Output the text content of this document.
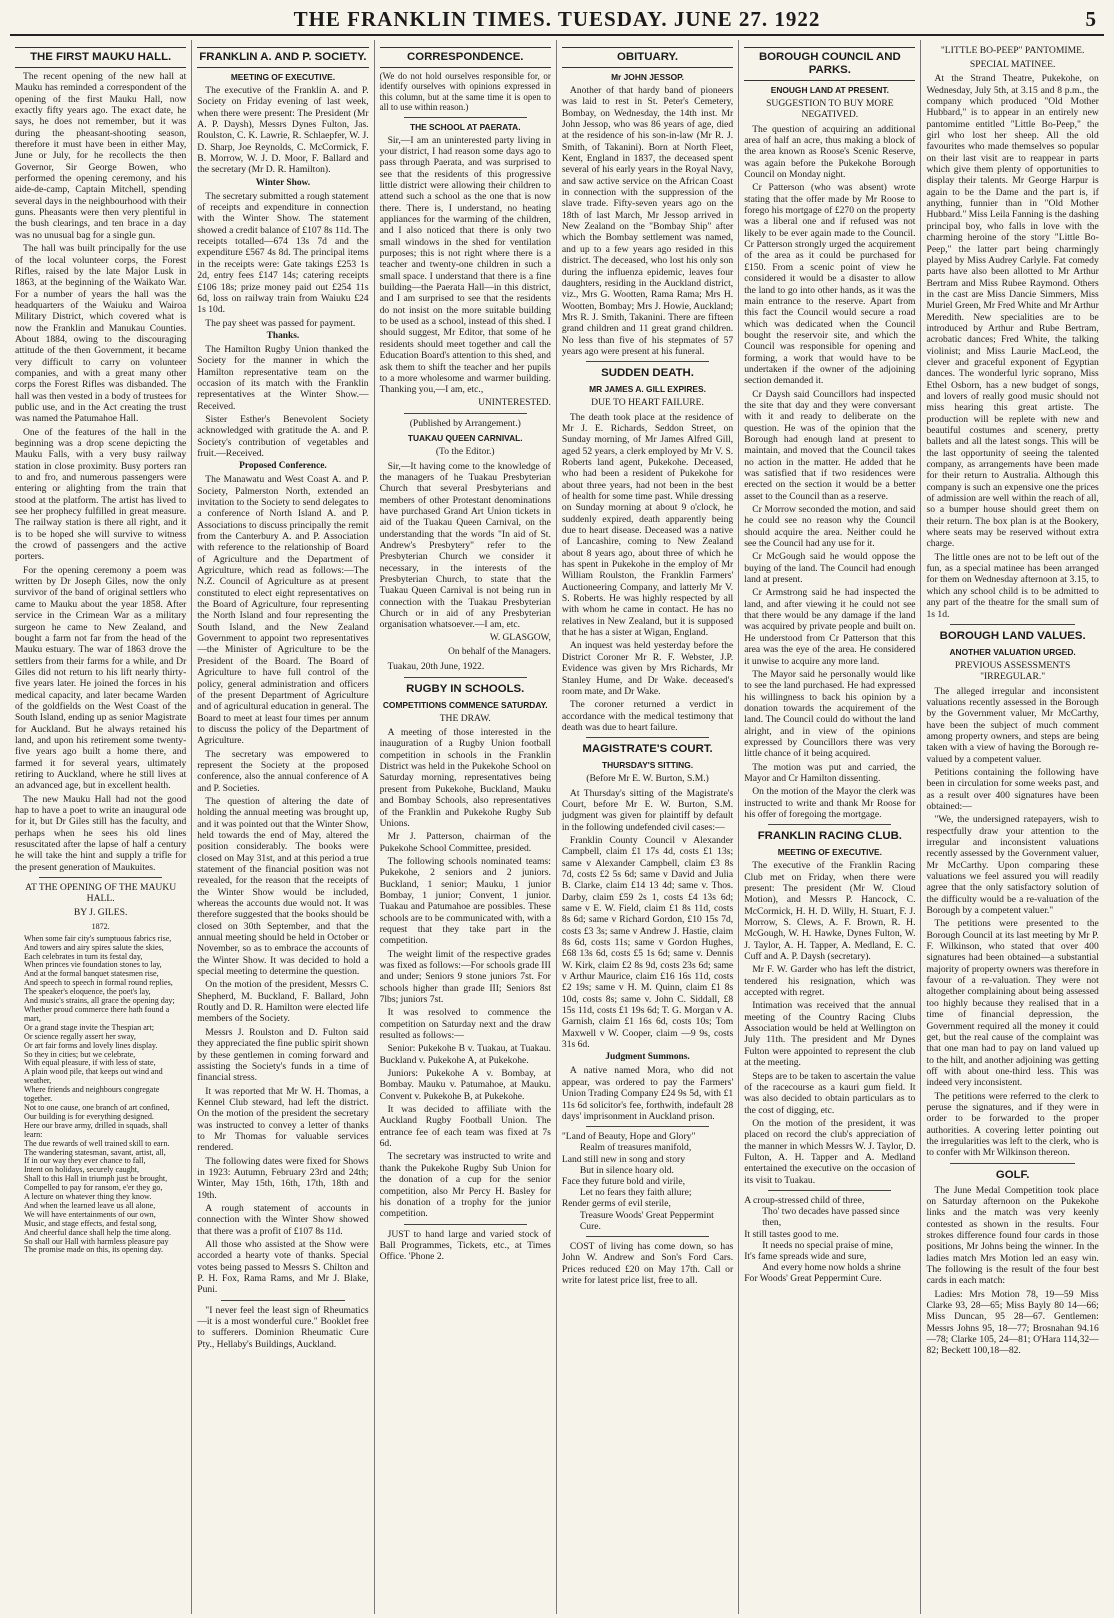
THE FRANKLIN TIMES. TUESDAY. JUNE 27. 1922	5
THE FIRST MAUKU HALL.

The recent opening of the new hall at Mauku has reminded a correspondent of the opening of the first Mauku Hall, now exactly fifty years ago. The exact date, he says, he does not remember, but it was during the pheasant-shooting season, therefore it must have been in either May, June or July, for he recollects the then Governor, Sir George Bowen, who performed the opening ceremony, and his aide-de-camp, Captain Mitchell, spending several days in the neighbourhood with their guns. Pheasants were then very plentiful in the bush clearings, and ten brace in a day was no unusual bag for a single gun.

The hall was built principally for the use of the local volunteer corps, the Forest Rifles, raised by the late Major Lusk in 1863, at the beginning of the Waikato War. For a number of years the hall was the headquarters of the Waiuku and Wairoa Military District, which covered what is now the Franklin and Manukau Counties. About 1884, owing to the discouraging attitude of the then Government, it became very difficult to carry on volunteer companies, and with a great many other corps the Forest Rifles was disbanded. The hall was then vested in a body of trustees for public use, and in the Act creating the trust was named the Patumahoe Hall.

One of the features of the hall in the beginning was a drop scene depicting the Mauku Falls, with a very busy railway station in close proximity. Busy porters ran to and fro, and numerous passengers were entering or alighting from the train that stood at the platform. The artist has lived to see her prophecy fulfilled in great measure. The railway station is there all right, and it is to be hoped she will survive to witness the crowd of passengers and the active porters.

For the opening ceremony a poem was written by Dr Joseph Giles, now the only survivor of the band of original settlers who came to Mauku about the year 1858. After service in the Crimean War as a military surgeon he came to New Zealand, and bought a farm not far from the head of the Mauku estuary. The war of 1863 drove the settlers from their farms for a while, and Dr Giles did not return to his lift nearly thirty-five years later. He joined the forces in his medical capacity, and later became Warden of the goldfields on the West Coast of the South Island, ending up as senior Magistrate for Auckland. But he always retained his land, and upon his retirement some twenty-five years ago built a home there, and farmed it for several years, ultimately retiring to Auckland, where he still lives at an advanced age, but in excellent health.

The new Mauku Hall had not the good hap to have a poet to write an inaugural ode for it, but Dr Giles still has the faculty, and perhaps when he sees his old lines resuscitated after the lapse of half a century he will take the hint and supply a trifle for the present generation of Maukuites.

AT THE OPENING OF THE MAUKU HALL.
BY J. GILES.
1872.
When some fair city's sumptuous fabrics rise,
And towers and airy spires salute the skies,
Each celebrates in turn its festal day,
When princes vie foundation stones to lay,
And at the formal banquet statesmen rise,
And speech to speech in formal round replies,
The speaker's eloquence, the poet's lay,
And music's strains, all grace the opening day;
Whether proud commerce there hath found a mart,
Or a grand stage invite the Thespian art;
Or science regally assert her sway,
Or art fair forms and lovely lines display.
So they in cities; but we celebrate,
With equal pleasure, if with less of state,
A plain wood pile, that keeps out wind and weather,
Where friends and neighbours congregate together.
Not to one cause, one branch of art confined,
Our building is for everything designed.
Here our brave army, drilled in squads, shall learn:
The due rewards of well trained skill to earn.
The wandering statesman, savant, artist, all,
If in our way they ever chance to fall,
Intent on holidays, securely caught,
Shall to this Hall in triumph just be brought,
Compelled to pay for ransom, e'er they go,
A lecture on whatever thing they know.
And when the learned leave us all alone,
We will have entertainments of our own,
Music, and stage effects, and festal song,
And cheerful dance shall help the time along.
So shall our Hall with harmless pleasure pay
The promise made on this, its opening day.
FRANKLIN A. AND P. SOCIETY.
MEETING OF EXECUTIVE.

The executive of the Franklin A. and P. Society on Friday evening of last week, when there were present: The President (Mr A. P. Daysh), Messrs Dynes Fulton, Jas. Roulston, C. K. Lawrie, R. Schlaepfer, W. J. D. Sharp, Joe Reynolds, C. McCormick, F. B. Morrow, W. J. D. Moor, F. Ballard and the secretary (Mr D. R. Hamilton).

Winter Show.

The secretary submitted a rough statement of receipts and expenditure in connection with the Winter Show. The statement showed a credit balance of £107 8s 11d. The receipts totalled—674 13s 7d and the expenditure £567 4s 8d. The principal items in the receipts were: Gate takings £253 1s 2d, entry fees £147 14s; catering receipts £106 18s; prize money paid out £254 11s 6d, loss on railway train from Waiuku £24 1s 10d.

The pay sheet was passed for payment.

Thanks.

The Hamilton Rugby Union thanked the Society for the manner in which the Hamilton representative team on the occasion of its match with the Franklin representatives at the Winter Show.—Received.

Sister Esther's Benevolent Society acknowledged with gratitude the A. and P. Society's contribution of vegetables and fruit.—Received.

Proposed Conference.

The Manawatu and West Coast A. and P. Society, Palmerston North, extended an invitation to the Society to send delegates to a conference of North Island A. and P. Associations to discuss principally the remit from the Canterbury A. and P. Association with reference to the relationship of Board of Agriculture and the Department of Agriculture, which read as follows:—The N.Z. Council of Agriculture as at present constituted to elect eight representatives on the Board of Agriculture, four representing the North Island and four representing the South Island, and the New Zealand Government to appoint two representatives—the Minister of Agriculture to be the President of the Board. The Board of Agriculture to have full control of the policy, general administration and officers of the present Department of Agriculture and of agricultural education in general. The Board to meet at least four times per annum to discuss the policy of the Department of Agriculture.

The secretary was empowered to represent the Society at the proposed conference, also the annual conference of A and P. Societies.

The question of altering the date of holding the annual meeting was brought up, and it was pointed out that the Winter Show, held towards the end of May, altered the position considerably. The books were closed on May 31st, and at this period a true statement of the financial position was not revealed, for the reason that the receipts of the Winter Show would be included, whereas the accounts due would not. It was therefore suggested that the books should be closed on 30th September, and that the annual meeting should be held in October or November, so as to embrace the accounts of the Winter Show. It was decided to hold a special meeting to determine the question.

On the motion of the president, Messrs C. Shepherd, M. Buckland, F. Ballard, John Routly and D. R. Hamilton were elected life members of the Society.

Messrs J. Roulston and D. Fulton said they appreciated the fine public spirit shown by these gentlemen in coming forward and assisting the Society's funds in a time of financial stress.

It was reported that Mr W. H. Thomas, a Kennel Club steward, had left the district. On the motion of the president the secretary was instructed to convey a letter of thanks to Mr Thomas for valuable services rendered.

The following dates were fixed for Shows in 1923: Autumn, February 23rd and 24th; Winter, May 15th, 16th, 17th, 18th and 19th.

A rough statement of accounts in connection with the Winter Show showed that there was a profit of £107 8s 11d.

All those who assisted at the Show were accorded a hearty vote of thanks. Special votes being passed to Messrs S. Chilton and P. H. Fox, Rama Rams, and Mr J. Blake, Puni.

"I never feel the least sign of Rheumatics—it is a most wonderful cure." Booklet free to sufferers. Dominion Rheumatic Cure Pty., Hellaby's Buildings, Auckland.

CORRESPONDENCE.

(We do not hold ourselves responsible for, or identify ourselves with opinions expressed in this column, but at the same time it is open to all to use within reason.)

THE SCHOOL AT PAERATA.

Sir,—I am an uninterested party living in your district, I had reason some days ago to pass through Paerata, and was surprised to see that the residents of this progressive little district were allowing their children to attend such a school as the one that is now there. There is, I understand, no heating appliances for the warming of the children, and I also noticed that there is only two small windows in the shed for ventilation purposes; this is not right where there is a teacher and twenty-one children in such a small space. I understand that there is a fine building—the Paerata Hall—in this district, and I am surprised to see that the residents do not insist on the more suitable building to be used as a school, instead of this shed. I should suggest, Mr Editor, that some of he residents should meet together and call the Education Board's attention to this shed, and ask them to shift the teacher and her pupils to a more wholesome and warmer building. Thanking you,—I am, etc.,

UNINTERESTED.
(Published by Arrangement.)
TUAKAU QUEEN CARNIVAL.
(To the Editor.)

Sir,—It having come to the knowledge of the managers of he Tuakau Presbyterian Church that several Presbyterians and members of other Protestant denominations have purchased Grand Art Union tickets in aid of the Tuakau Queen Carnival, on the understanding that the words "In aid of St. Andrew's Presbytery" refer to the Presbyterian Church we consider it necessary, in the interests of the Presbyterian Church, to state that the Tuakau Queen Carnival is not being run in connection with the Tuakau Presbyterian Church or in aid of any Presbyterian organisation whatsoever.—I am, etc.

W. GLASGOW,
On behalf of the Managers.

Tuakau, 20th June, 1922.

RUGBY IN SCHOOLS.
COMPETITIONS COMMENCE SATURDAY.
THE DRAW.

A meeting of those interested in the inauguration of a Rugby Union football competition in schools in the Franklin District was held in the Pukekohe School on Saturday morning, representatives being present from Pukekohe, Buckland, Mauku and Bombay Schools, also representatives of the Franklin and Pukekohe Rugby Sub Unions.

Mr J. Patterson, chairman of the Pukekohe School Committee, presided.

The following schools nominated teams: Pukekohe, 2 seniors and 2 juniors. Buckland, 1 senior; Mauku, 1 junior Bombay, 1 junior; Convent, 1 junior. Tuakau and Patumahoe are possibles. These schools are to be communicated with, with a request that they take part in the competition.

The weight limit of the respective grades was fixed as follows:—For schools grade III and under; Seniors 9 stone juniors 7st. For schools higher than grade III; Seniors 8st 7lbs; juniors 7st.

It was resolved to commence the competition on Saturday next and the draw resulted as follows:—

Senior: Pukekohe B v. Tuakau, at Tuakau. Buckland v. Pukekohe A, at Pukekohe.

Juniors: Pukekohe A v. Bombay, at Bombay. Mauku v. Patumahoe, at Mauku. Convent v. Pukekohe B, at Pukekohe.

It was decided to affiliate with the Auckland Rugby Football Union. The entrance fee of each team was fixed at 7s 6d.

The secretary was instructed to write and thank the Pukekohe Rugby Sub Union for the donation of a cup for the senior competition, also Mr Percy H. Basley for his donation of a trophy for the junior competition.

JUST to hand large and varied stock of Ball Programmes, Tickets, etc., at Times Office. 'Phone 2.

OBITUARY.
Mr JOHN JESSOP.

Another of that hardy band of pioneers was laid to rest in St. Peter's Cemetery, Bombay, on Wednesday, the 14th inst. Mr John Jessop, who was 86 years of age, died at the residence of his son-in-law (Mr R. J. Smith, of Takanini). Born at North Fleet, Kent, England in 1837, the deceased spent several of his early years in the Royal Navy, and saw active service on the African Coast in connection with the suppression of the slave trade. Fifty-seven years ago on the 18th of last March, Mr Jessop arrived in New Zealand on the "Bombay Ship" after which the Bombay settlement was named, and up to a few years ago resided in this district. The deceased, who lost his only son during the influenza epidemic, leaves four daughters, residing in the Auckland district, viz., Mrs G. Wootten, Rama Rama; Mrs H. Wootten, Bombay; Mrs J. Howie, Auckland; Mrs R. J. Smith, Takanini. There are fifteen grand children and 11 great grand children. No less than five of his stepmates of 57 years ago were present at his funeral.

SUDDEN DEATH.
MR JAMES A. GILL EXPIRES.
DUE TO HEART FAILURE.

The death took place at the residence of Mr J. E. Richards, Seddon Street, on Sunday morning, of Mr James Alfred Gill, aged 52 years, a clerk employed by Mr V. S. Roberts land agent, Pukekohe. Deceased, who had been a resident of Pukekohe for about three years, had not been in the best of health for some time past. While dressing on Sunday morning at about 9 o'clock, he suddenly expired, death apparently being due to heart disease. Deceased was a native of Lancashire, coming to New Zealand about 8 years ago, about three of which he has spent in Pukekohe in the employ of Mr William Roulston, the Franklin Farmers' Auctioneering Company, and latterly Mr V. S. Roberts. He was highly respected by all with whom he came in contact. He has no relatives in New Zealand, but it is supposed that he has a sister at Wigan, England.

An inquest was held yesterday before the District Coroner Mr R. F. Webster, J.P. Evidence was given by Mrs Richards, Mr Stanley Hume, and Dr Wake. deceased's room mate, and Dr Wake.

The coroner returned a verdict in accordance with the medical testimony that death was due to heart failure.

MAGISTRATE'S COURT.
THURSDAY'S SITTING.
(Before Mr E. W. Burton, S.M.)

At Thursday's sitting of the Magistrate's Court, before Mr E. W. Burton, S.M. judgment was given for plaintiff by default in the following undefended civil cases:—

Franklin County Council v Alexander Campbell, claim £1 17s 4d, costs £1 13s; same v Alexander Campbell, claim £3 8s 7d, costs £2 5s 6d; same v David and Julia B. Clarke, claim £14 13 4d; same v. Thos. Darby, claim £59 2s 1, costs £4 13s 6d; same v E. W. Field, claim £1 8s 11d, costs 8s 6d; same v Richard Gordon, £10 15s 7d, costs £3 3s; same v Andrew J. Hastie, claim 8s 6d, costs 11s; same v Gordon Hughes, £68 13s 6d, costs £5 1s 6d; same v. Dennis W. Kirk, claim £2 8s 9d, costs 23s 6d; same v Arthur Maurice, claim £16 16s 11d, costs £2 19s; same v H. M. Quinn, claim £1 8s 10d, costs 8s; same v. John C. Siddall, £8 15s 11d, costs £1 19s 6d; T. G. Morgan v A. Garnish, claim £1 16s 6d, costs 10s; Tom Maxwell v W. Cooper, claim —9 9s, costs 31s 6d.

Judgment Summons.

A native named Mora, who did not appear, was ordered to pay the Farmers' Union Trading Company £24 9s 5d, with £1 11s 6d solicitor's fee, forthwith, indefault 28 days' imprisonment in Auckland prison.

"Land of Beauty, Hope and Glory"
Realm of treasures manifold,
Land still new in song and story
But in silence hoary old.
Face they future bold and virile,
Let no fears they faith allure;
Render germs of evil sterile,
Treasure Woods' Great Peppermint Cure.

COST of living has come down, so has John W. Andrew and Son's Ford Cars. Prices reduced £20 on May 17th. Call or write for latest price list, free to all.

BOROUGH COUNCIL AND PARKS.
ENOUGH LAND AT PRESENT.
SUGGESTION TO BUY MORE NEGATIVED.

The question of acquiring an additional area of half an acre, thus making a block of the area known as Roose's Scenic Reserve, was again before the Pukekohe Borough Council on Monday night.

Cr Patterson (who was absent) wrote stating that the offer made by Mr Roose to forego his mortgage of £270 on the property was a liberal one and if refused was not likely to be ever again made to the Council. Cr Patterson strongly urged the acquirement of the area as it could be purchased for £150. From a scenic point of view he considered it would be a disaster to allow the land to go into other hands, as it was the main entrance to the reserve. Apart from this fact the Council would secure a road which was dedicated when the Council bought the reservoir site, and which the Council was responsible for opening and forming, a work that would have to be undertaken if the owner of the adjoining section demanded it.

Cr Daysh said Councillors had inspected the site that day and they were conversant with it and ready to deliberate on the question. He was of the opinion that the Borough had enough land at present to maintain, and moved that the Council takes no action in the matter. He added that he was satisfied that if two residences were erected on the section it would be a better asset to the Council than as a reserve.

Cr Morrow seconded the motion, and said he could see no reason why the Council should acquire the area. Neither could he see the Council had any use for it.

Cr McGough said he would oppose the buying of the land. The Council had enough land at present.

Cr Armstrong said he had inspected the land, and after viewing it he could not see that there would be any damage if the land was acquired by private people and built on. He understood from Cr Patterson that this area was the eye of the area. He considered it unwise to acquire any more land.

The Mayor said he personally would like to see the land purchased. He had expressed his willingness to back his opinion by a donation towards the acquirement of the land. The Council could do without the land alright, and in view of the opinions expressed by Councillors there was very little chance of it being acquired.

The motion was put and carried, the Mayor and Cr Hamilton dissenting.

On the motion of the Mayor the clerk was instructed to write and thank Mr Roose for his offer of foregoing the mortgage.

FRANKLIN RACING CLUB.
MEETING OF EXECUTIVE.

The executive of the Franklin Racing Club met on Friday, when there were present: The president (Mr W. Cloud Motion), and Messrs P. Hancock, C. McCormick, H. H. D. Willy, H. Stuart, F. J. Morrow, S. Clews, A. F. Brown, R. H. McGough, W. H. Hawke, Dynes Fulton, W. J. Taylor, A. H. Tapper, A. Medland, E. C. Cuff and A. P. Daysh (secretary).

Mr F. W. Garder who has left the district, tendered his resignation, which was accepted with regret.

Intimation was received that the annual meeting of the Country Racing Clubs Association would be held at Wellington on July 11th. The president and Mr Dynes Fulton were appointed to represent the club at the meeting.

Steps are to be taken to ascertain the value of the racecourse as a kauri gum field. It was also decided to obtain particulars as to the cost of digging, etc.

On the motion of the president, it was placed on record the club's appreciation of the manner in which Messrs W. J. Taylor, D. Fulton, A. H. Tapper and A. Medland entertained the executive on the occasion of its visit to Tuakau.

A croup-stressed child of three,
Tho' two decades have passed since then,
It still tastes good to me.
It needs no special praise of mine,
It's fame spreads wide and sure,
And every home now holds a shrine
For Woods' Great Peppermint Cure.
"LITTLE BO-PEEP" PANTOMIME.
SPECIAL MATINEE.

At the Strand Theatre, Pukekohe, on Wednesday, July 5th, at 3.15 and 8 p.m., the company which produced "Old Mother Hubbard," is to appear in an entirely new pantomime entitled "Little Bo-Peep," the girl who lost her sheep. All the old favourites who made themselves so popular on their last visit are to reappear in parts which give them plenty of opportunities to display their talents. Mr George Harpur is again to be the Dame and the part is, if anything, funnier than in "Old Mother Hubbard." Miss Leila Fanning is the dashing principal boy, who falls in love with the charming heroine of the story "Little Bo-Peep," the latter part being charmingly played by Miss Audrey Carlyle. Fat comedy parts have also been allotted to Mr Arthur Bertram and Miss Rubee Raymond. Others in the cast are Miss Dancie Simmers, Miss Muriel Green, Mr Fred White and Mr Arthur Meredith. New specialities are to be introduced by Arthur and Rube Bertram, acrobatic dances; Fred White, the talking violinist; and Miss Laurie MacLeod, the clever and graceful exponent of Egyptian dances. The wonderful lyric soprano, Miss Ethel Osborn, has a new budget of songs, and lovers of really good music should not miss hearing this great artiste. The production will be replete with new and beautiful costumes and scenery, pretty ballets and all the latest songs. This will be the last opportunity of seeing the talented company, as arrangements have been made for their return to Australia. Although this company is such an expensive one the prices of admission are well within the reach of all, so a bumper house should greet them on their return. The box plan is at the Bookery, where seats may be reserved without extra charge.

The little ones are not to be left out of the fun, as a special matinee has been arranged for them on Wednesday afternoon at 3.15, to which any school child is to be admitted to any part of the theatre for the small sum of 1s 1d.

BOROUGH LAND VALUES.
ANOTHER VALUATION URGED.
PREVIOUS ASSESSMENTS "IRREGULAR."

The alleged irregular and inconsistent valuations recently assessed in the Borough by the Government valuer, Mr McCarthy, have been the subject of much comment among property owners, and steps are being taken with a view of having the Borough re-valued by a competent valuer.

Petitions containing the following have been in circulation for some weeks past, and as a result over 400 signatures have been obtained:—

"We, the undersigned ratepayers, wish to respectfully draw your attention to the irregular and inconsistent valuations recently assessed by the Government valuer, Mr McCarthy. Upon comparing these valuations we feel assured you will readily agree that the only satisfactory solution of the difficulty would be a re-valuation of the Borough by a competent valuer."

The petitions were presented to the Borough Council at its last meeting by Mr P. F. Wilkinson, who stated that over 400 signatures had been obtained—a substantial majority of property owners was therefore in favour of a re-valuation. They were not altogether complaining about being assessed too highly because they realised that in a time of financial depression, the Government required all the money it could get, but the real cause of the complaint was that one man had to pay on land valued up to the hilt, and another adjoining was getting off with about one-third less. This was indeed very inconsistent.

The petitions were referred to the clerk to peruse the signatures, and if they were in order to be forwarded to the proper authorities. A covering letter pointing out the irregularities was left to the clerk, who is to confer with Mr Wilkinson thereon.

GOLF.

The June Medal Competition took place on Saturday afternoon on the Pukekohe links and the match was very keenly contested as shown in the results. Four strokes difference found four cards in those positions, Mr Johns being the winner. In the ladies match Mrs Motion led an easy win. The following is the result of the four best cards in each match:

Ladies: Mrs Motion 78, 19—59 Miss Clarke 93, 28—65; Miss Bayly 80 14—66; Miss Duncan, 95 28—67. Gentlemen: Messrs Johns 95, 18—77; Brosnahan 94.16—78; Clarke 105, 24—81; O'Hara 114,32—82; Beckett 100,18—82.
